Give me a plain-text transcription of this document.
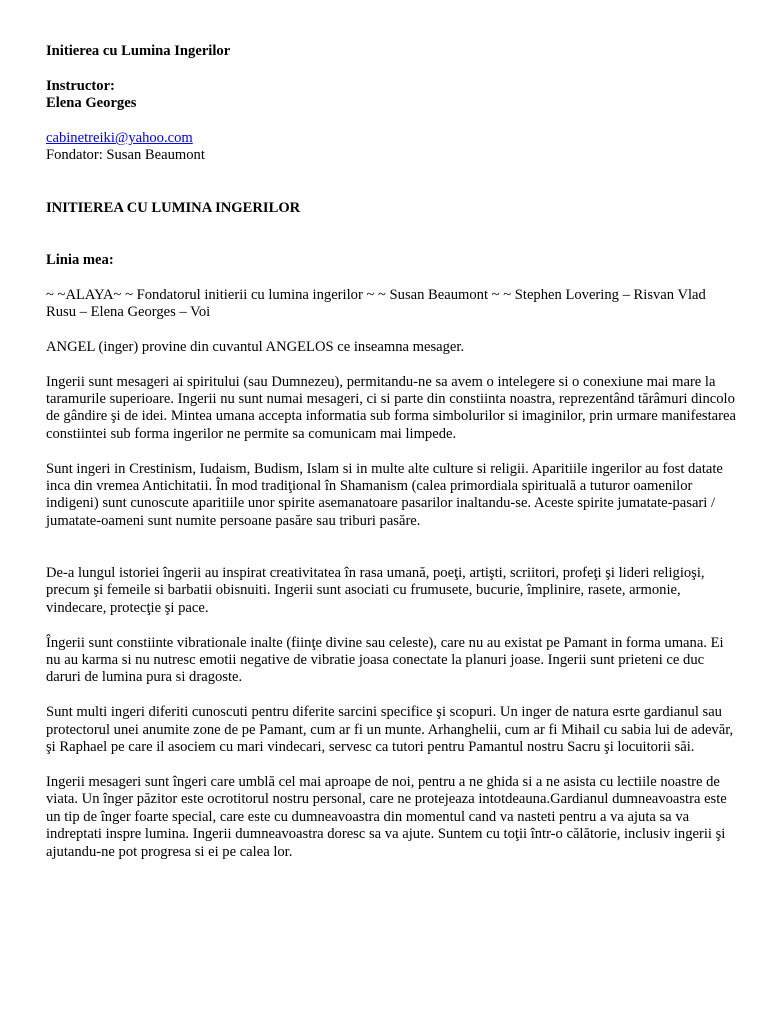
Initierea cu Lumina Ingerilor

Instructor:

Elena Georges

cabinetreiki@yahoo.com

Fondator: Susan Beaumont

INITIEREA CU LUMINA INGERILOR

Linia mea:

~ ~ALAYA~ ~ Fondatorul initierii cu lumina ingerilor ~ ~ Susan Beaumont ~ ~ Stephen Lovering – Risvan Vlad Rusu – Elena Georges – Voi

ANGEL (inger) provine din cuvantul ANGELOS ce inseamna mesager.

Ingerii sunt mesageri ai spiritului (sau Dumnezeu), permitandu-ne sa avem o intelegere si o conexiune mai mare la taramurile superioare. Ingerii nu sunt numai mesageri, ci si parte din constiinta noastra, reprezentând tărâmuri dincolo de gândire şi de idei. Mintea umana accepta informatia sub forma simbolurilor si imaginilor, prin urmare manifestarea constiintei sub forma ingerilor ne permite sa comunicam mai limpede.

Sunt ingeri in Crestinism, Iudaism, Budism, Islam si in multe alte culture si religii. Aparitiile ingerilor au fost datate inca din vremea Antichitatii. În mod tradiţional în Shamanism (calea primordiala spirituală a tuturor oamenilor indigeni) sunt cunoscute aparitiile unor spirite asemanatoare pasarilor inaltandu-se. Aceste spirite jumatate-pasari / jumatate-oameni sunt numite persoane pasăre sau triburi pasăre.

De-a lungul istoriei îngerii au inspirat creativitatea în rasa umană, poeţi, artişti, scriitori, profeţi şi lideri religioşi, precum şi femeile si barbatii obisnuiti. Ingerii sunt asociati cu frumusete, bucurie, împlinire, rasete, armonie, vindecare, protecţie şi pace.

Îngerii sunt constiinte vibrationale inalte (fiinţe divine sau celeste), care nu au existat pe Pamant in forma umana. Ei nu au karma si nu nutresc emotii negative de vibratie joasa conectate la planuri joase. Ingerii sunt prieteni ce duc daruri de lumina pura si dragoste.

Sunt multi ingeri diferiti cunoscuti pentru diferite sarcini specifice şi scopuri. Un inger de natura esrte gardianul sau protectorul unei anumite zone de pe Pamant, cum ar fi un munte. Arhanghelii, cum ar fi Mihail cu sabia lui de adevăr, şi Raphael pe care il asociem cu mari vindecari, servesc ca tutori pentru Pamantul nostru Sacru şi locuitorii săi.

Ingerii mesageri sunt îngeri care umblă cel mai aproape de noi, pentru a ne ghida si a ne asista cu lectiile noastre de viata. Un înger păzitor este ocrotitorul nostru personal, care ne protejeaza intotdeauna.Gardianul dumneavoastra este un tip de înger foarte special, care este cu dumneavoastra din momentul cand va nasteti pentru a va ajuta sa va indreptati inspre lumina. Ingerii dumneavoastra doresc sa va ajute. Suntem cu toţii într-o călătorie, inclusiv ingerii şi ajutandu-ne pot progresa si ei pe calea lor.
